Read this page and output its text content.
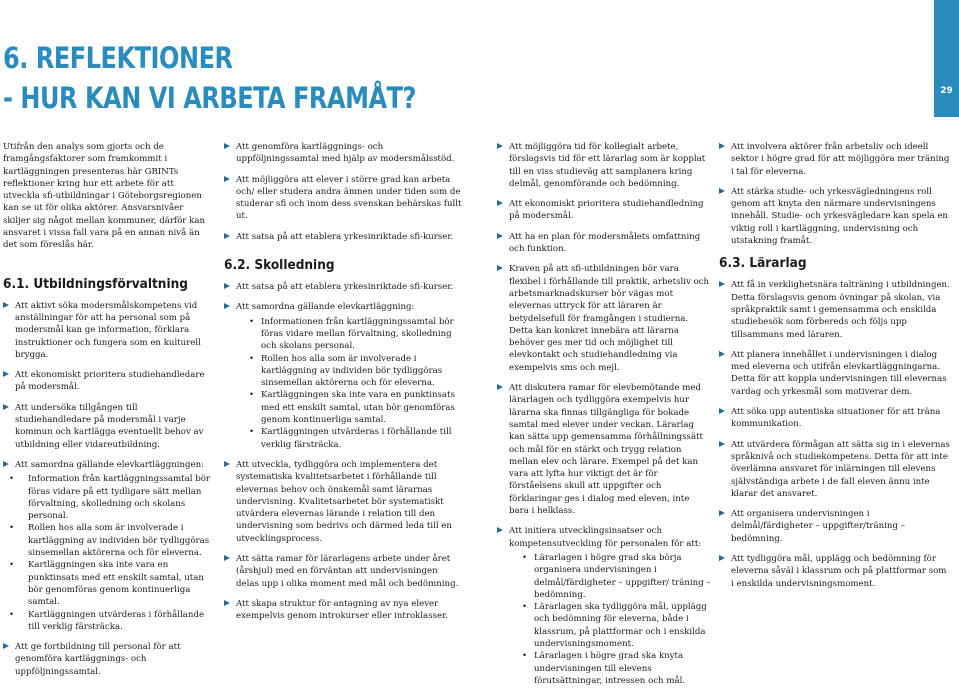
6. REFLEKTIONER
- HUR KAN VI ARBETA FRAMÅT?	29

Utifrån den analys som gjorts och de framgångsfaktorer som framkommit i kartläggningen presenteras här GRINTs reflektioner kring hur ett arbete för att utveckla sfi-utbildningar i Göteborgsregionen kan se ut för olika aktörer. Ansvarsnivåer skiljer sig något mellan kommuner, därför kan ansvaret i vissa fall vara på en annan nivå än det som föreslås här.

6.1. Utbildningsförvaltning
Att aktivt söka modersmålskompetens vid anställningar för att ha personal som på modersmål kan ge information, förklara instruktioner och fungera som en kulturell brygga.
Att ekonomiskt prioritera studiehandledare på modersmål.
Att undersöka tillgången till studiehandledare på modersmål i varje kommun och kartlägga eventuellt behov av utbildning eller vidareutbildning.
Att samordna gällande elevkartläggningen:
• Information från kartläggningssamtal bör föras vidare på ett tydligare sätt mellan förvaltning, skolledning och skolans personal.
• Rollen hos alla som är involverade i kartläggning av individen bör tydliggöras sinsemellan aktörerna och för eleverna.
• Kartläggningen ska inte vara en punktinsats med ett enskilt samtal, utan bör genomföras genom kontinuerliga samtal.
• Kartläggningen utvärderas i förhållande till verklig färsträcka.
Att ge fortbildning till personal för att genomföra kartläggnings- och uppföljningssamtal.
Att genomföra kartläggnings- och uppföljningssamtal med hjälp av modersmålsstöd.
Att möjliggöra att elever i större grad kan arbeta och/ eller studera andra ämnen under tiden som de studerar sfi och inom dess svenskan behärskas fullt ut.
Att satsa på att etablera yrkesinriktade sfi-kurser.
6.2. Skolledning
Att satsa på att etablera yrkesinriktade sfi-kurser.
Att samordna gällande elevkartläggning:
• Informationen från kartläggningssamtal bör föras vidare mellan förvaltning, skolledning och skolans personal.
• Rollen hos alla som är involverade i kartläggning av individen bör tydliggöras sinsemellan aktörerna och för eleverna.
• Kartläggningen ska inte vara en punktinsats med ett enskilt samtal, utan bör genomföras genom kontinuerliga samtal.
• Kartläggningen utvärderas i förhållande till verklig färsträcka.
Att utveckla, tydliggöra och implementera det systematiska kvalitetsarbetet i förhållande till elevernas behov och önskemål samt lärarnas undervisning. Kvalitetsarbetet bör systematiskt utvärdera elevernas lärande i relation till den undervisning som bedrivs och därmed leda till en utvecklingsprocess.
Att sätta ramar för lärarlagens arbete under året (årshjul) med en förväntan att undervisningen delas upp i olika moment med mål och bedömning.
Att skapa struktur för antagning av nya elever exempelvis genom introkurser eller introklasser.
Att möjliggöra tid för kollegialt arbete, förslagsvis tid för ett lärarlag som är kopplat till en viss studieväg att samplanera kring delmål, genomförande och bedömning.
Att ekonomiskt prioritera studiehandledning på modersmål.
Att ha en plan för modersmålets omfattning och funktion.
Kraven på att sfi-utbildningen bör vara flexibel i förhållande till praktik, arbetsliv och arbetsmarknadskurser bör vägas mot elevernas uttryck för att läraren är betydelsefull för framgången i studierna. Detta kan konkret innebära att lärarna behöver ges mer tid och möjlighet till elevkontakt och studiehandledning via exempelvis sms och mejl.
Att diskutera ramar för elevbemötande med lärarlagen och tydliggöra exempelvis hur lärarna ska finnas tillgängliga för bokade samtal med elever under veckan. Lärarlag kan sätta upp gemensamma förhållningssätt och mål för en stärkt och trygg relation mellan elev och lärare. Exempel på det kan vara att lyfta hur viktigt det är för förståelsens skull att uppgifter och förklaringar ges i dialog med eleven, inte bara i helklass.
Att initiera utvecklingsinsatser och kompetensutveckling för personalen för att:
• Lärarlagen i högre grad ska börja organisera undervisningen i delmål/färdigheter – uppgifter/ träning – bedömning.
• Lärarlagen ska tydliggöra mål, upplägg och bedömning för eleverna, både i klassrum, på plattformar och i enskilda undervisningsmoment.
• Lärarlagen i högre grad ska knyta undervisningen till elevens förutsättningar, intressen och mål.
Att involvera aktörer från arbetsliv och ideell sektor i högre grad för att möjliggöra mer träning i tal för eleverna.
Att stärka studie- och yrkesvägledningens roll genom att knyta den närmare undervisningens innehåll. Studie- och yrkesvägledare kan spela en viktig roll i kartläggning, undervisning och utstakning framåt.
6.3. Lärarlag
Att få in verklighetsnära talträning i utbildningen. Detta förslagsvis genom övningar på skolan, via språkpraktik samt i gemensamma och enskilda studiebesök som förbereds och följs upp tillsammans med läraren.
Att planera innehållet i undervisningen i dialog med eleverna och utifrån elevkartläggningarna. Detta för att koppla undervisningen till elevernas vardag och yrkesmål som motiverar dem.
Att söka upp autentiska situationer för att träna kommunikation.
Att utvärdera förmågan att sätta sig in i elevernas språknivå och studiekompetens. Detta för att inte överlämna ansvaret för inlärningen till elevens självständiga arbete i de fall eleven ännu inte klarar det ansvaret.
Att organisera undervisningen i delmål/färdigheter – uppgifter/träning – bedömning.
Att tydliggöra mål, upplägg och bedömning för eleverna såväl i klassrum och på plattformar som i enskilda undervisningsmoment.
